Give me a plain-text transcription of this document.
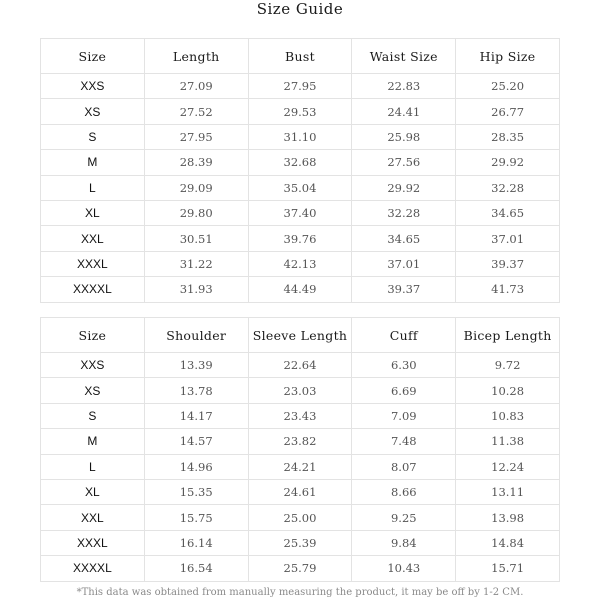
Size Guide
Size	Length	Bust	Waist Size	Hip Size
XXS	27.09	27.95	22.83	25.20
XS	27.52	29.53	24.41	26.77
S	27.95	31.10	25.98	28.35
M	28.39	32.68	27.56	29.92
L	29.09	35.04	29.92	32.28
XL	29.80	37.40	32.28	34.65
XXL	30.51	39.76	34.65	37.01
XXXL	31.22	42.13	37.01	39.37
XXXXL	31.93	44.49	39.37	41.73
Size	Shoulder	Sleeve Length	Cuff	Bicep Length
XXS	13.39	22.64	6.30	9.72
XS	13.78	23.03	6.69	10.28
S	14.17	23.43	7.09	10.83
M	14.57	23.82	7.48	11.38
L	14.96	24.21	8.07	12.24
XL	15.35	24.61	8.66	13.11
XXL	15.75	25.00	9.25	13.98
XXXL	16.14	25.39	9.84	14.84
XXXXL	16.54	25.79	10.43	15.71
*This data was obtained from manually measuring the product, it may be off by 1-2 CM.
